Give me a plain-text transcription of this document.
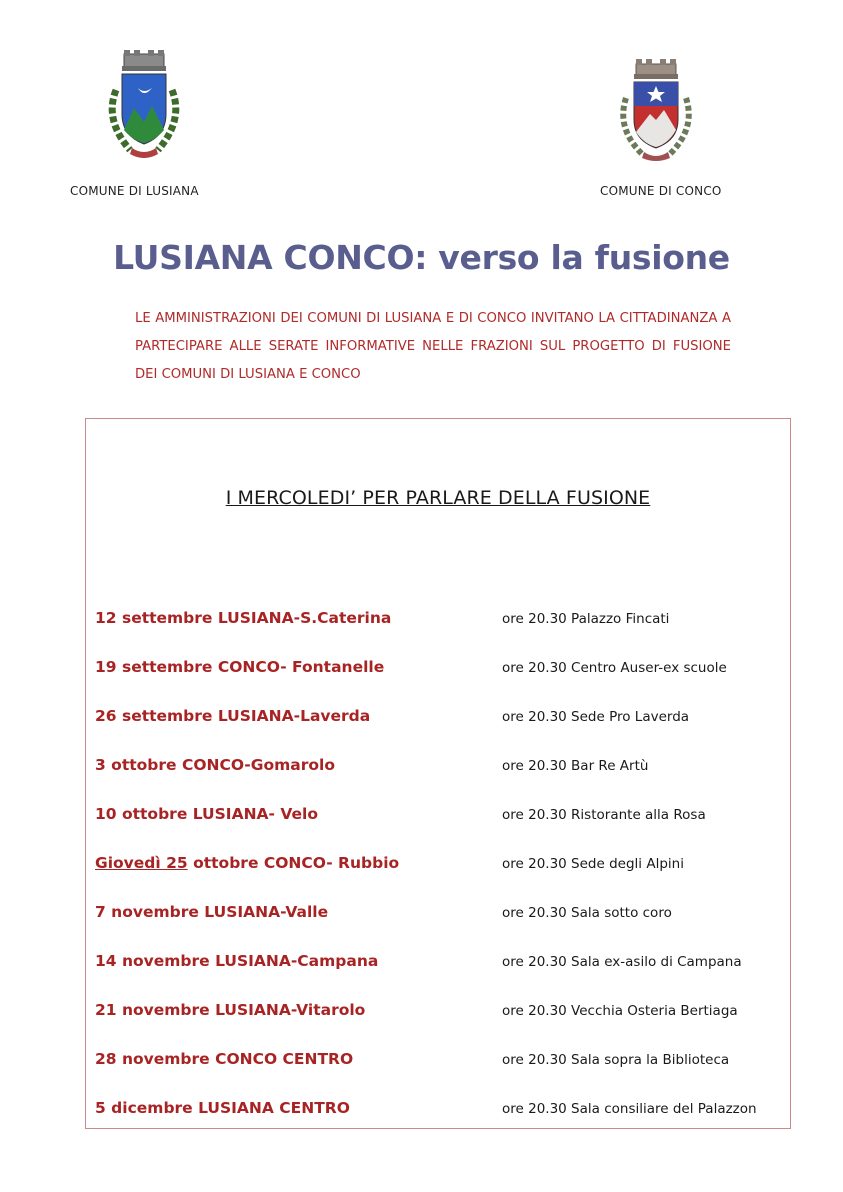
COMUNE DI LUSIANA	COMUNE DI CONCO
LUSIANA CONCO: verso la fusione
LE AMMINISTRAZIONI DEI COMUNI DI LUSIANA E DI CONCO INVITANO LA CITTADINANZA A PARTECIPARE ALLE SERATE INFORMATIVE NELLE FRAZIONI SUL PROGETTO DI FUSIONE DEI COMUNI DI LUSIANA E CONCO
I MERCOLEDI’ PER PARLARE DELLA FUSIONE
12 settembre LUSIANA-S.Caterina	ore 20.30 Palazzo Fincati
19 settembre CONCO- Fontanelle	ore 20.30 Centro Auser-ex scuole
26 settembre LUSIANA-Laverda	ore 20.30 Sede Pro Laverda
3 ottobre CONCO-Gomarolo	ore 20.30 Bar Re Artù
10 ottobre LUSIANA- Velo	ore 20.30 Ristorante alla Rosa
Giovedì 25 ottobre CONCO- Rubbio	ore 20.30 Sede degli Alpini
7 novembre LUSIANA-Valle	ore 20.30 Sala sotto coro
14 novembre LUSIANA-Campana	ore 20.30 Sala ex-asilo di Campana
21 novembre LUSIANA-Vitarolo	ore 20.30 Vecchia Osteria Bertiaga
28 novembre CONCO CENTRO	ore 20.30 Sala sopra la Biblioteca
5 dicembre LUSIANA CENTRO	ore 20.30 Sala consiliare del Palazzon
